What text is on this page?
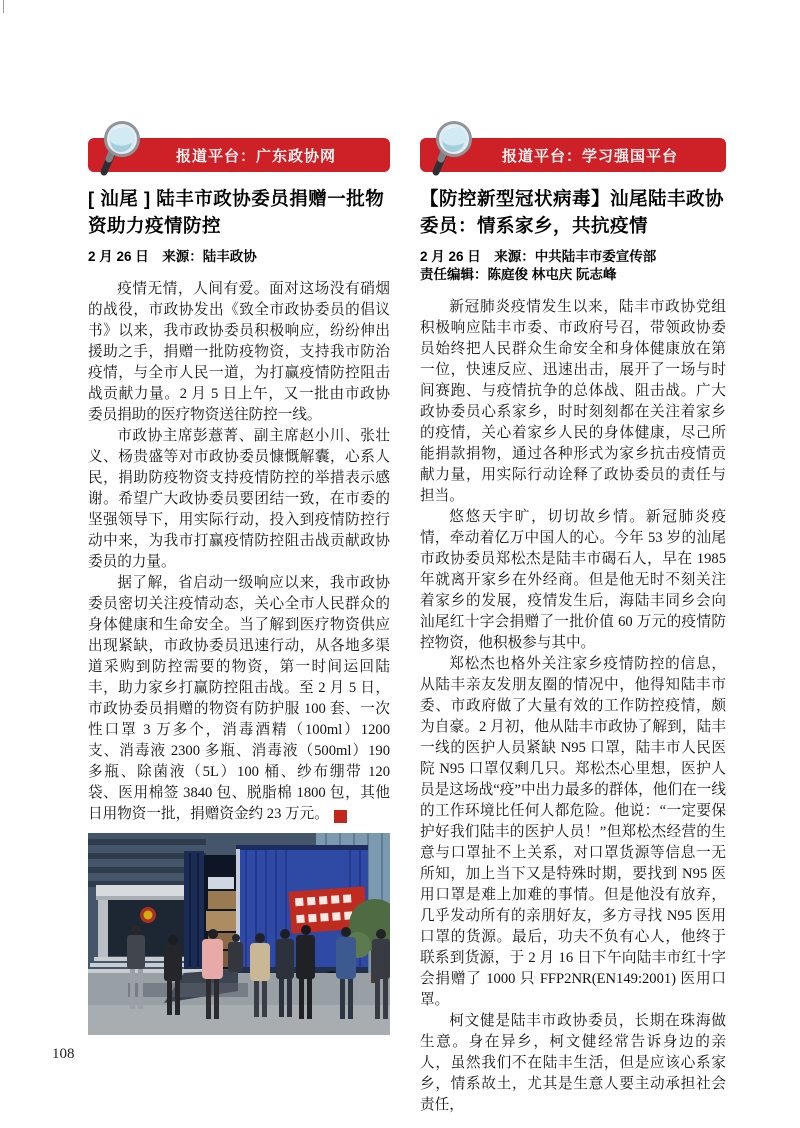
报道平台：广东政协网
[ 汕尾 ] 陆丰市政协委员捐赠一批物资助力疫情防控
2 月 26 日　来源：陆丰政协

疫情无情，人间有爱。面对这场没有硝烟的战役，市政协发出《致全市政协委员的倡议书》以来，我市政协委员积极响应，纷纷伸出援助之手，捐赠一批防疫物资，支持我市防治疫情，与全市人民一道，为打赢疫情防控阻击战贡献力量。2 月 5 日上午，又一批由市政协委员捐助的医疗物资送往防控一线。

市政协主席彭薏菁、副主席赵小川、张壮义、杨贵盛等对市政协委员慷慨解囊，心系人民，捐助防疫物资支持疫情防控的举措表示感谢。希望广大政协委员要团结一致，在市委的坚强领导下，用实际行动，投入到疫情防控行动中来，为我市打赢疫情防控阻击战贡献政协委员的力量。

据了解，省启动一级响应以来，我市政协委员密切关注疫情动态，关心全市人民群众的身体健康和生命安全。当了解到医疗物资供应出现紧缺，市政协委员迅速行动，从各地多渠道采购到防控需要的物资，第一时间运回陆丰，助力家乡打赢防控阻击战。至 2 月 5 日，市政协委员捐赠的物资有防护服 100 套、一次性口罩 3 万多个，消毒酒精（100ml）1200 支、消毒液 2300 多瓶、消毒液（500ml）190 多瓶、除菌液（5L）100 桶、纱布绷带 120 袋、医用棉签 3840 包、脱脂棉 1800 包，其他日用物资一批，捐赠资金约 23 万元。	协

报道平台：学习强国平台
【防控新型冠状病毒】汕尾陆丰政协委员：情系家乡，共抗疫情
2 月 26 日　来源：中共陆丰市委宣传部
责任编辑：陈庭俊 林屯庆 阮志峰

新冠肺炎疫情发生以来，陆丰市政协党组积极响应陆丰市委、市政府号召，带领政协委员始终把人民群众生命安全和身体健康放在第一位，快速反应、迅速出击，展开了一场与时间赛跑、与疫情抗争的总体战、阻击战。广大政协委员心系家乡，时时刻刻都在关注着家乡的疫情，关心着家乡人民的身体健康，尽己所能捐款捐物，通过各种形式为家乡抗击疫情贡献力量，用实际行动诠释了政协委员的责任与担当。

悠悠天宇旷，切切故乡情。新冠肺炎疫情，牵动着亿万中国人的心。今年 53 岁的汕尾市政协委员郑松杰是陆丰市碣石人，早在 1985 年就离开家乡在外经商。但是他无时不刻关注着家乡的发展，疫情发生后，海陆丰同乡会向汕尾红十字会捐赠了一批价值 60 万元的疫情防控物资，他积极参与其中。

郑松杰也格外关注家乡疫情防控的信息，从陆丰亲友发朋友圈的情况中，他得知陆丰市委、市政府做了大量有效的工作防控疫情，颇为自豪。2 月初，他从陆丰市政协了解到，陆丰一线的医护人员紧缺 N95 口罩，陆丰市人民医院 N95 口罩仅剩几只。郑松杰心里想，医护人员是这场战“疫”中出力最多的群体，他们在一线的工作环境比任何人都危险。他说：“一定要保护好我们陆丰的医护人员！”但郑松杰经营的生意与口罩扯不上关系，对口罩货源等信息一无所知，加上当下又是特殊时期，要找到 N95 医用口罩是难上加难的事情。但是他没有放弃，几乎发动所有的亲朋好友，多方寻找 N95 医用口罩的货源。最后，功夫不负有心人，他终于联系到货源，于 2 月 16 日下午向陆丰市红十字会捐赠了 1000 只 FFP2NR(EN149:2001) 医用口罩。

柯文健是陆丰市政协委员，长期在珠海做生意。身在异乡，柯文健经常告诉身边的亲人，虽然我们不在陆丰生活，但是应该心系家乡，情系故土，尤其是生意人要主动承担社会责任，

108
